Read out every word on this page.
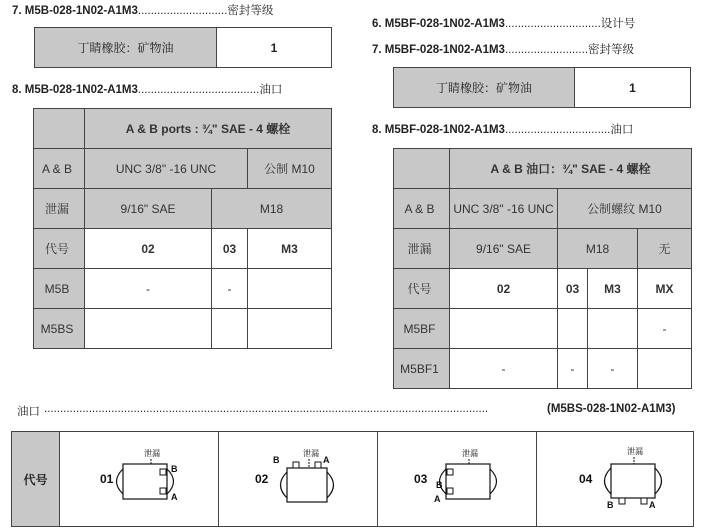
7. M5B-028-1N02-A1M3............................密封等级
丁睛橡胶：矿物油	1
8. M5B-028-1N02-A1M3......................................油口
	A & B ports : ¾" SAE - 4 螺栓		
A & B	UNC 3/8" -16 UNC		公制 M10
泄漏	9/16" SAE	M18	
代号	02	03	M3
M5B	-	-	
M5BS			
6. M5BF-028-1N02-A1M3..............................设计号
7. M5BF-028-1N02-A1M3..........................密封等级
丁睛橡胶：矿物油	1
8. M5BF-028-1N02-A1M3.................................油口
	A & B 油口：¾" SAE - 4 螺栓			
A & B	UNC 3/8" -16 UNC	公制螺纹 M10		
泄漏	9/16" SAE	M18		无
代号	02	03	M3	MX
M5BF				-
M5BF1	-	-	-	
油口 ...........................................................................................................................................	(M5BS-028-1N02-A1M3)
代号
泄漏
01
B
A
泄漏
02
B	A
泄漏
03 B
A
泄漏
04
B	A
